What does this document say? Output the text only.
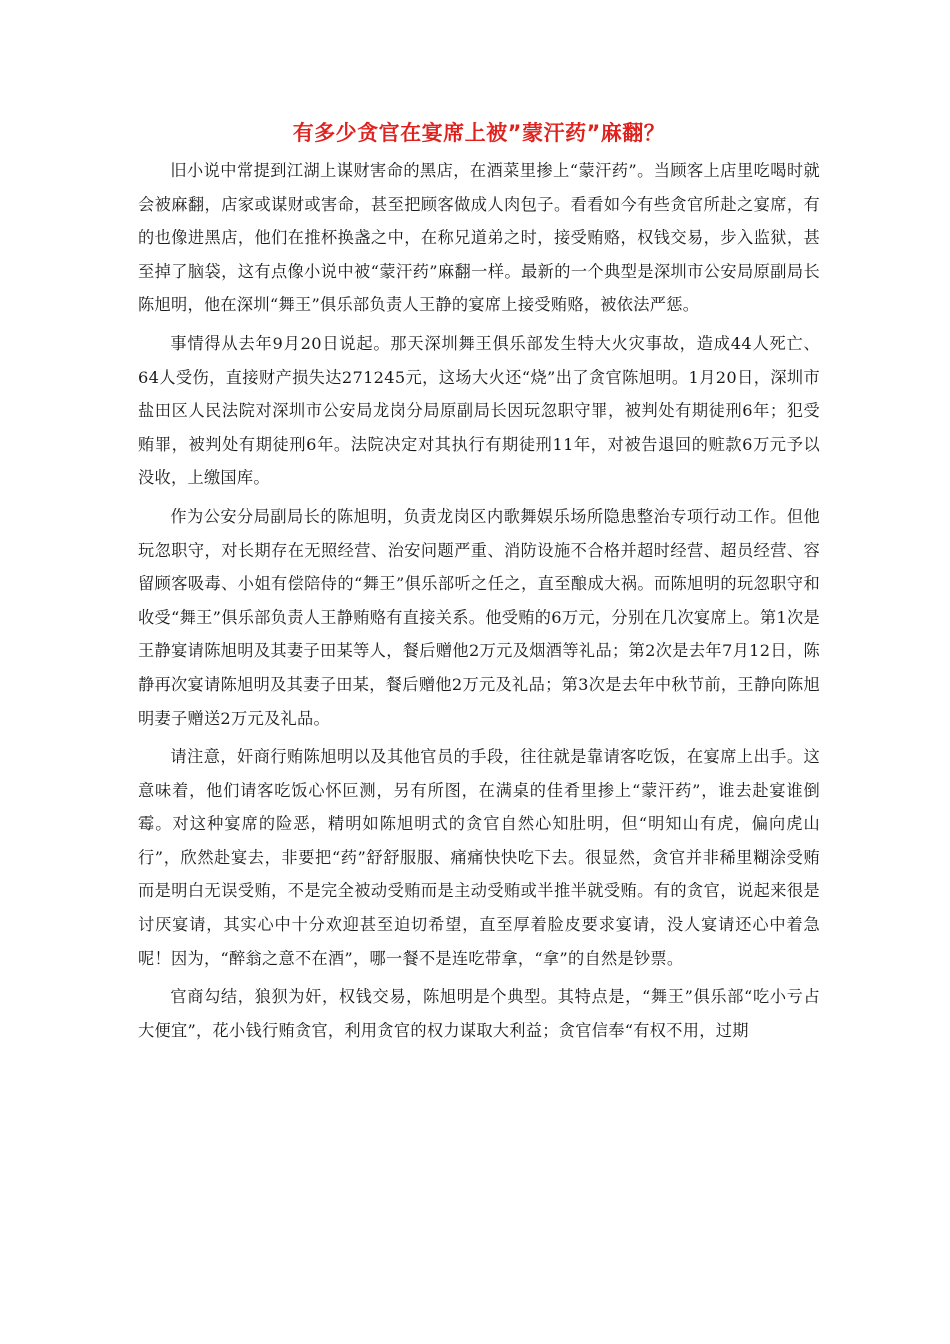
有多少贪官在宴席上被”蒙汗药”麻翻？

旧小说中常提到江湖上谋财害命的黑店，在酒菜里掺上“蒙汗药”。当顾客上店里吃喝时就会被麻翻，店家或谋财或害命，甚至把顾客做成人肉包子。看看如今有些贪官所赴之宴席，有的也像进黑店，他们在推杯换盏之中，在称兄道弟之时，接受贿赂，权钱交易，步入监狱，甚至掉了脑袋，这有点像小说中被“蒙汗药”麻翻一样。最新的一个典型是深圳市公安局原副局长陈旭明，他在深圳“舞王”俱乐部负责人王静的宴席上接受贿赂，被依法严惩。

事情得从去年9月20日说起。那天深圳舞王俱乐部发生特大火灾事故，造成44人死亡、64人受伤，直接财产损失达271245元，这场大火还“烧”出了贪官陈旭明。1月20日，深圳市盐田区人民法院对深圳市公安局龙岗分局原副局长因玩忽职守罪，被判处有期徒刑6年；犯受贿罪，被判处有期徒刑6年。法院决定对其执行有期徒刑11年，对被告退回的赃款6万元予以没收，上缴国库。

作为公安分局副局长的陈旭明，负责龙岗区内歌舞娱乐场所隐患整治专项行动工作。但他玩忽职守，对长期存在无照经营、治安问题严重、消防设施不合格并超时经营、超员经营、容留顾客吸毒、小姐有偿陪侍的“舞王”俱乐部听之任之，直至酿成大祸。而陈旭明的玩忽职守和收受“舞王”俱乐部负责人王静贿赂有直接关系。他受贿的6万元，分别在几次宴席上。第1次是王静宴请陈旭明及其妻子田某等人，餐后赠他2万元及烟酒等礼品；第2次是去年7月12日，陈静再次宴请陈旭明及其妻子田某，餐后赠他2万元及礼品；第3次是去年中秋节前，王静向陈旭明妻子赠送2万元及礼品。

请注意，奸商行贿陈旭明以及其他官员的手段，往往就是靠请客吃饭，在宴席上出手。这意味着，他们请客吃饭心怀叵测，另有所图，在满桌的佳肴里掺上“蒙汗药”，谁去赴宴谁倒霉。对这种宴席的险恶，精明如陈旭明式的贪官自然心知肚明，但“明知山有虎，偏向虎山行”，欣然赴宴去，非要把“药”舒舒服服、痛痛快快吃下去。很显然，贪官并非稀里糊涂受贿而是明白无误受贿，不是完全被动受贿而是主动受贿或半推半就受贿。有的贪官，说起来很是讨厌宴请，其实心中十分欢迎甚至迫切希望，直至厚着脸皮要求宴请，没人宴请还心中着急呢！因为，“醉翁之意不在酒”，哪一餐不是连吃带拿，“拿”的自然是钞票。

官商勾结，狼狈为奸，权钱交易，陈旭明是个典型。其特点是，“舞王”俱乐部“吃小亏占大便宜”，花小钱行贿贪官，利用贪官的权力谋取大利益；贪官信奉“有权不用，过期
